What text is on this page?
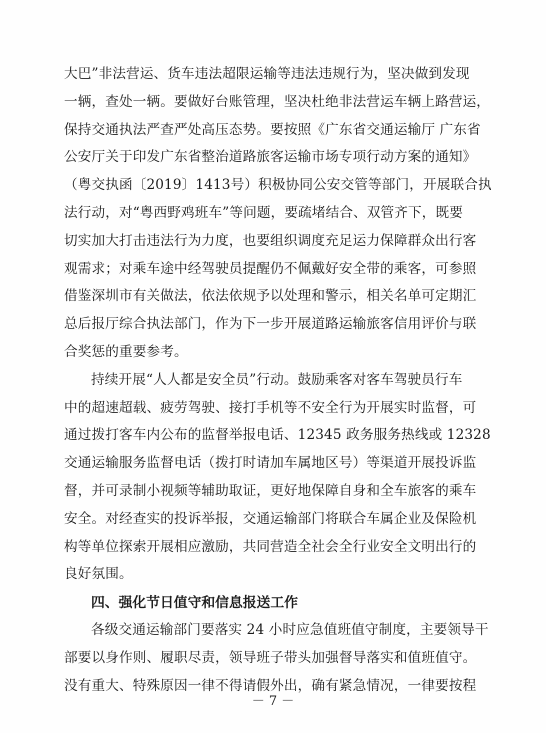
大巴”非法营运、货车违法超限运输等违法违规行为，坚决做到发现
一辆，查处一辆。要做好台账管理，坚决杜绝非法营运车辆上路营运，
保持交通执法严查严处高压态势。要按照《广东省交通运输厅 广东省
公安厅关于印发广东省整治道路旅客运输市场专项行动方案的通知》
（粤交执函〔2019〕1413号）积极协同公安交管等部门，开展联合执
法行动，对“粤西野鸡班车”等问题，要疏堵结合、双管齐下，既要
切实加大打击违法行为力度，也要组织调度充足运力保障群众出行客
观需求；对乘车途中经驾驶员提醒仍不佩戴好安全带的乘客，可参照
借鉴深圳市有关做法，依法依规予以处理和警示，相关名单可定期汇
总后报厅综合执法部门，作为下一步开展道路运输旅客信用评价与联
合奖惩的重要参考。

持续开展“人人都是安全员”行动。鼓励乘客对客车驾驶员行车
中的超速超载、疲劳驾驶、接打手机等不安全行为开展实时监督，可
通过拨打客车内公布的监督举报电话、12345 政务服务热线或 12328
交通运输服务监督电话（拨打时请加车属地区号）等渠道开展投诉监
督，并可录制小视频等辅助取证，更好地保障自身和全车旅客的乘车
安全。对经查实的投诉举报，交通运输部门将联合车属企业及保险机
构等单位探索开展相应激励，共同营造全社会全行业安全文明出行的
良好氛围。

四、强化节日值守和信息报送工作

各级交通运输部门要落实 24 小时应急值班值守制度，主要领导干
部要以身作则、履职尽责，领导班子带头加强督导落实和值班值守。
没有重大、特殊原因一律不得请假外出，确有紧急情况，一律要按程

－ 7 －
